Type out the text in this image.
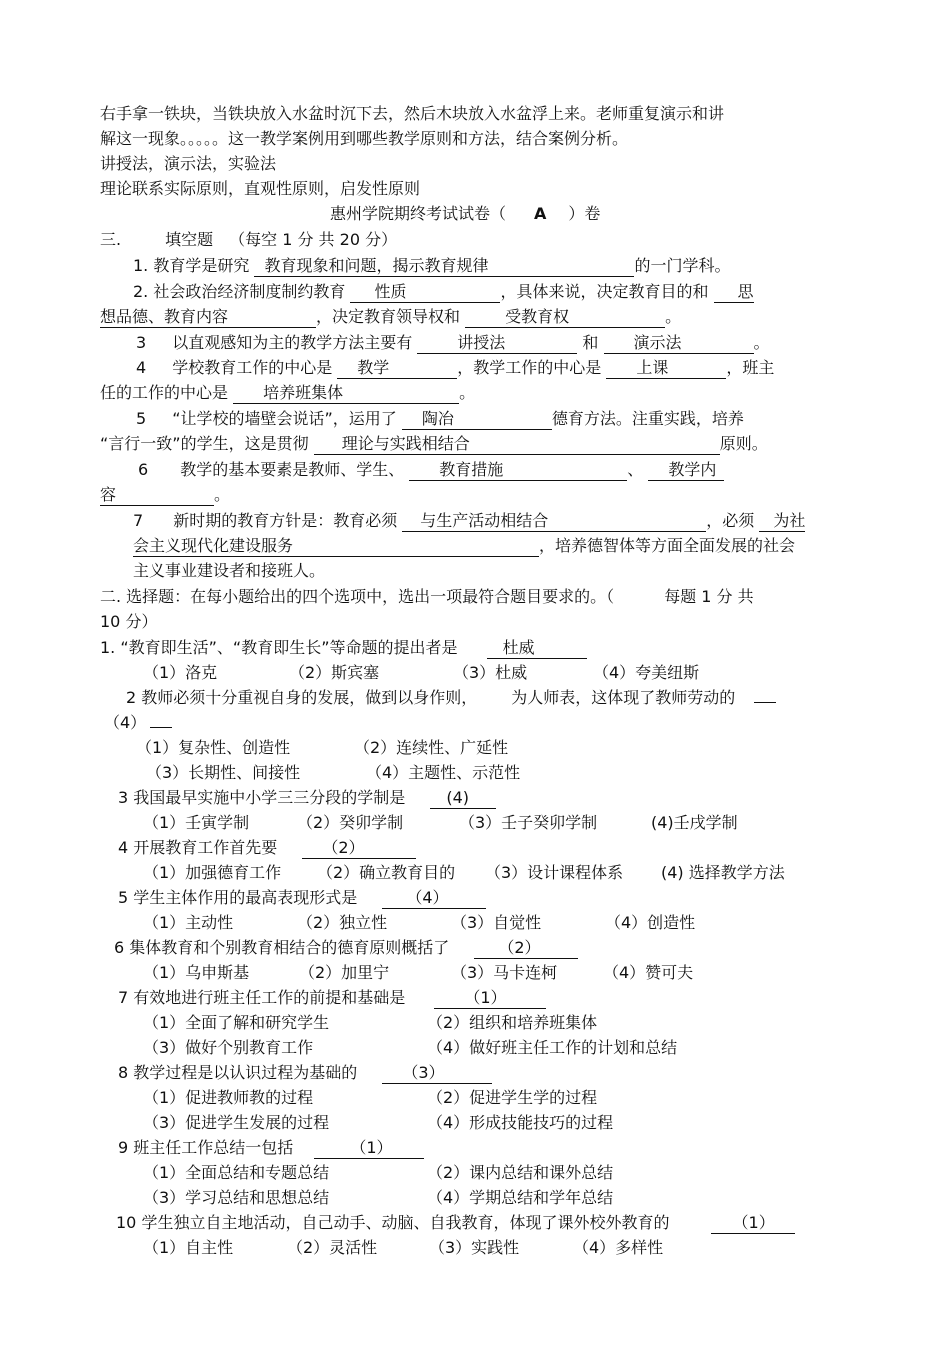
右手拿一铁块，当铁块放入水盆时沉下去，然后木块放入水盆浮上来。老师重复演示和讲
解这一现象。。。。。这一教学案例用到哪些教学原则和方法，结合案例分析。
讲授法，演示法，实验法
理论联系实际原则，直观性原则，启发性原则
惠州学院期终考试试卷（ A ）卷
三.	填空题 （每空 1 分 共 20 分）
1. 教育学是研究 教育现象和问题，揭示教育规律	的一门学科。
2. 社会政治经济制度制约教育 性质	，具体来说，决定教育目的和 思
想品德、教育内容	，决定教育领导权和	受教育权	。
3 以直观感知为主的教学方法主要有	讲授法	和 演示法	。
4 学校教育工作的中心是 教学	，教学工作的中心是 上课	，班主
任的工作的中心是 培养班集体	。
5 “让学校的墙壁会说话”，运用了 陶冶	德育方法。注重实践，培养
“言行一致”的学生，这是贯彻 理论与实践相结合	原则。
6 教学的基本要素是教师、学生、 教育措施	、 教学内
容	。
7 新时期的教育方针是：教育必须 与生产活动相结合	，必须 为社
会主义现代化建设服务	，培养德智体等方面全面发展的社会
主义事业建设者和接班人。
二. 选择题：在每小题给出的四个选项中，选出一项最符合题目要求的。（	每题 1 分 共
10 分）
1. “教育即生活”、“教育即生长”等命题的提出者是	杜威
（1）洛克	（2）斯宾塞	（3）杜威	（4）夸美纽斯
2 教师必须十分重视自身的发展，做到以身作则， 为人师表，这体现了教师劳动的
（4）
（1）复杂性、创造性	（2）连续性、广延性
（3）长期性、间接性	（4）主题性、示范性
3 我国最早实施中小学三三分段的学制是	(4)
（1）壬寅学制	（2）癸卯学制	（3）壬子癸卯学制	(4)壬戌学制
4 开展教育工作首先要	（2）
（1）加强德育工作 （2）确立教育目的 （3）设计课程体系 (4) 选择教学方法
5 学生主体作用的最高表现形式是	（4）
（1）主动性	（2）独立性	（3）自觉性	（4）创造性
6 集体教育和个别教育相结合的德育原则概括了	（2）
（1）乌申斯基	（2）加里宁	（3）马卡连柯	（4）赞可夫
7 有效地进行班主任工作的前提和基础是	（1）
（1）全面了解和研究学生	（2）组织和培养班集体
（3）做好个别教育工作	（4）做好班主任工作的计划和总结
8 教学过程是以认识过程为基础的	（3）
（1）促进教师教的过程	（2）促进学生学的过程
（3）促进学生发展的过程	（4）形成技能技巧的过程
9 班主任工作总结一包括	（1）
（1）全面总结和专题总结	（2）课内总结和课外总结
（3）学习总结和思想总结	（4）学期总结和学年总结
10 学生独立自主地活动，自己动手、动脑、自我教育，体现了课外校外教育的	（1）
（1）自主性	（2）灵活性	（3）实践性	（4）多样性
